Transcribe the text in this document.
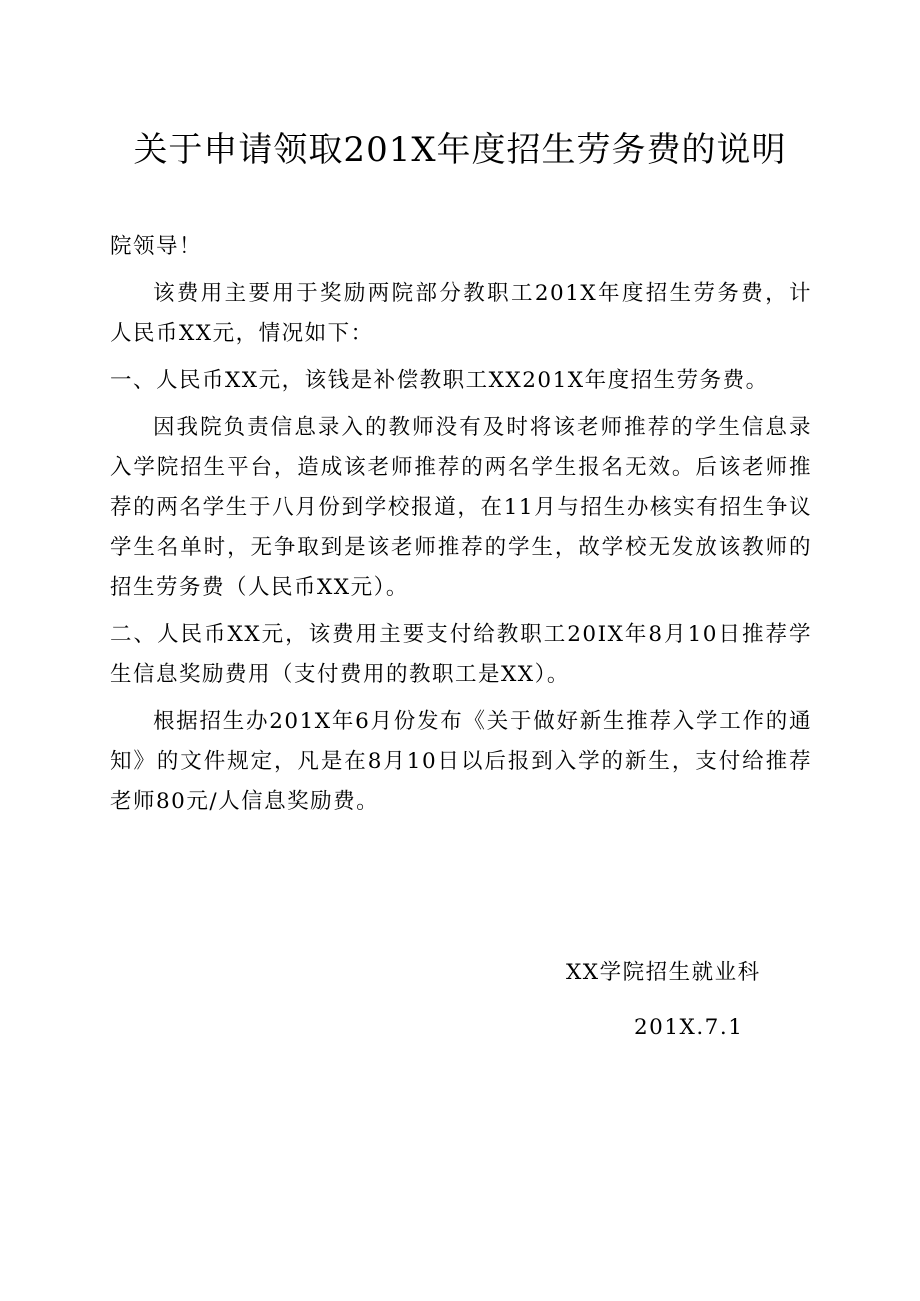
关于申请领取201X年度招生劳务费的说明

院领导！

该费用主要用于奖励两院部分教职工201X年度招生劳务费，计人民币XX元，情况如下：

一、人民币XX元，该钱是补偿教职工XX201X年度招生劳务费。

因我院负责信息录入的教师没有及时将该老师推荐的学生信息录入学院招生平台，造成该老师推荐的两名学生报名无效。后该老师推荐的两名学生于八月份到学校报道，在11月与招生办核实有招生争议学生名单时，无争取到是该老师推荐的学生，故学校无发放该教师的招生劳务费（人民币XX元）。

二、人民币XX元，该费用主要支付给教职工20IX年8月10日推荐学生信息奖励费用（支付费用的教职工是XX）。

根据招生办201X年6月份发布《关于做好新生推荐入学工作的通知》的文件规定，凡是在8月10日以后报到入学的新生，支付给推荐老师80元/人信息奖励费。

XX学院招生就业科
201X.7.1
